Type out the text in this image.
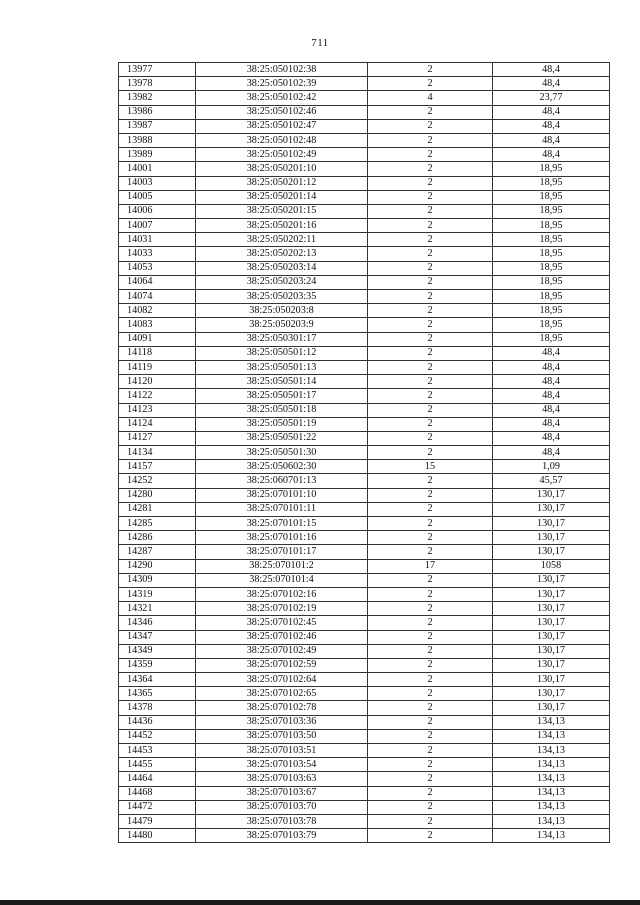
711
13977	38:25:050102:38	2	48,4
13978	38:25:050102:39	2	48,4
13982	38:25:050102:42	4	23,77
13986	38:25:050102:46	2	48,4
13987	38:25:050102:47	2	48,4
13988	38:25:050102:48	2	48,4
13989	38:25:050102:49	2	48,4
14001	38:25:050201:10	2	18,95
14003	38:25:050201:12	2	18,95
14005	38:25:050201:14	2	18,95
14006	38:25:050201:15	2	18,95
14007	38:25:050201:16	2	18,95
14031	38:25:050202:11	2	18,95
14033	38:25:050202:13	2	18,95
14053	38:25:050203:14	2	18,95
14064	38:25:050203:24	2	18,95
14074	38:25:050203:35	2	18,95
14082	38:25:050203:8	2	18,95
14083	38:25:050203:9	2	18,95
14091	38:25:050301:17	2	18,95
14118	38:25:050501:12	2	48,4
14119	38:25:050501:13	2	48,4
14120	38:25:050501:14	2	48,4
14122	38:25:050501:17	2	48,4
14123	38:25:050501:18	2	48,4
14124	38:25:050501:19	2	48,4
14127	38:25:050501:22	2	48,4
14134	38:25:050501:30	2	48,4
14157	38:25:050602:30	15	1,09
14252	38:25:060701:13	2	45,57
14280	38:25:070101:10	2	130,17
14281	38:25:070101:11	2	130,17
14285	38:25:070101:15	2	130,17
14286	38:25:070101:16	2	130,17
14287	38:25:070101:17	2	130,17
14290	38:25:070101:2	17	1058
14309	38:25:070101:4	2	130,17
14319	38:25:070102:16	2	130,17
14321	38:25:070102:19	2	130,17
14346	38:25:070102:45	2	130,17
14347	38:25:070102:46	2	130,17
14349	38:25:070102:49	2	130,17
14359	38:25:070102:59	2	130,17
14364	38:25:070102:64	2	130,17
14365	38:25:070102:65	2	130,17
14378	38:25:070102:78	2	130,17
14436	38:25:070103:36	2	134,13
14452	38:25:070103:50	2	134,13
14453	38:25:070103:51	2	134,13
14455	38:25:070103:54	2	134,13
14464	38:25:070103:63	2	134,13
14468	38:25:070103:67	2	134,13
14472	38:25:070103:70	2	134,13
14479	38:25:070103:78	2	134,13
14480	38:25:070103:79	2	134,13
